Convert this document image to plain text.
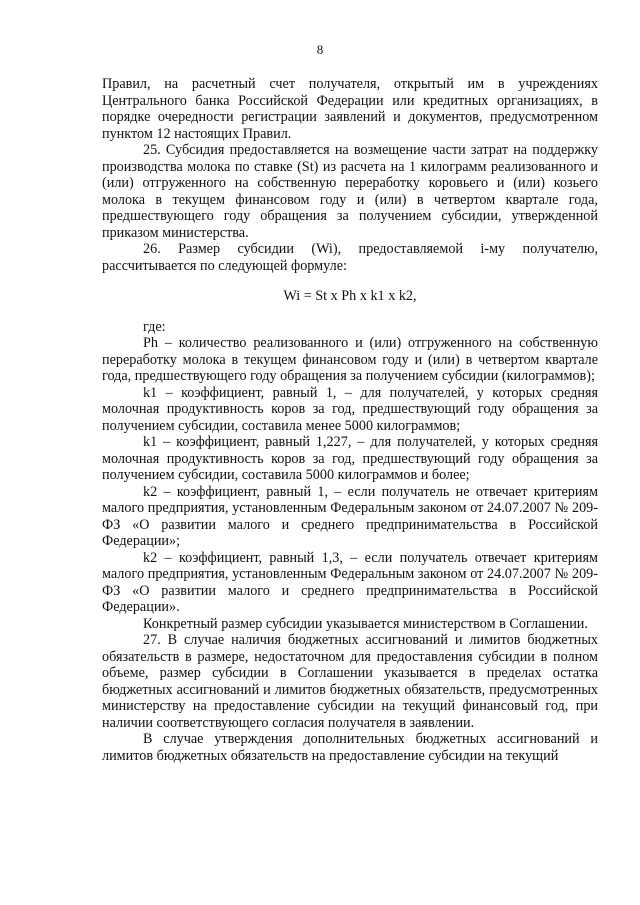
8

Правил, на расчетный счет получателя, открытый им в учреждениях Центрального банка Российской Федерации или кредитных организациях, в порядке очередности регистрации заявлений и документов, предусмотренном пунктом 12 настоящих Правил.

25. Субсидия предоставляется на возмещение части затрат на поддержку производства молока по ставке (St) из расчета на 1 килограмм реализованного и (или) отгруженного на собственную переработку коровьего и (или) козьего молока в текущем финансовом году и (или) в четвертом квартале года, предшествующего году обращения за получением субсидии, утвержденной приказом министерства.

26. Размер субсидии (Wi), предоставляемой i-му получателю, рассчитывается по следующей формуле:

Wi = St x Ph x k1 x k2,

где:

Ph – количество реализованного и (или) отгруженного на собственную переработку молока в текущем финансовом году и (или) в четвертом квартале года, предшествующего году обращения за получением субсидии (килограммов);

k1 – коэффициент, равный 1, – для получателей, у которых средняя молочная продуктивность коров за год, предшествующий году обращения за получением субсидии, составила менее 5000 килограммов;

k1 – коэффициент, равный 1,227, – для получателей, у которых средняя молочная продуктивность коров за год, предшествующий году обращения за получением субсидии, составила 5000 килограммов и более;

k2 – коэффициент, равный 1, – если получатель не отвечает критериям малого предприятия, установленным Федеральным законом от 24.07.2007 № 209-ФЗ «О развитии малого и среднего предпринимательства в Российской Федерации»;

k2 – коэффициент, равный 1,3, – если получатель отвечает критериям малого предприятия, установленным Федеральным законом от 24.07.2007 № 209-ФЗ «О развитии малого и среднего предпринимательства в Российской Федерации».

Конкретный размер субсидии указывается министерством в Соглашении.

27. В случае наличия бюджетных ассигнований и лимитов бюджетных обязательств в размере, недостаточном для предоставления субсидии в полном объеме, размер субсидии в Соглашении указывается в пределах остатка бюджетных ассигнований и лимитов бюджетных обязательств, предусмотренных министерству на предоставление субсидии на текущий финансовый год, при наличии соответствующего согласия получателя в заявлении.

В случае утверждения дополнительных бюджетных ассигнований и лимитов бюджетных обязательств на предоставление субсидии на текущий
